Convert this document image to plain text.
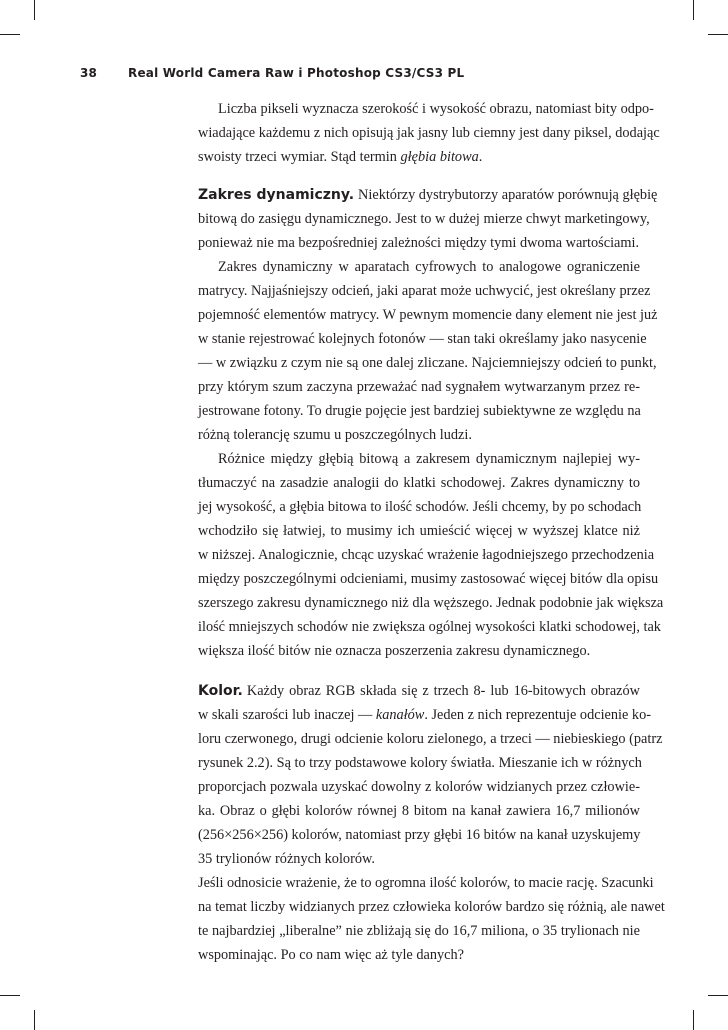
38	Real World Camera Raw i Photoshop CS3/CS3 PL
Liczba pikseli wyznacza szerokość i wysokość obrazu, natomiast bity odpo-
wiadające każdemu z nich opisują jak jasny lub ciemny jest dany piksel, dodając
swoisty trzeci wymiar. Stąd termin głębia bitowa.
Zakres dynamiczny. Niektórzy dystrybutorzy aparatów porównują głębię
bitową do zasięgu dynamicznego. Jest to w dużej mierze chwyt marketingowy,
ponieważ nie ma bezpośredniej zależności między tymi dwoma wartościami.
Zakres dynamiczny w aparatach cyfrowych to analogowe ograniczenie
matrycy. Najjaśniejszy odcień, jaki aparat może uchwycić, jest określany przez
pojemność elementów matrycy. W pewnym momencie dany element nie jest już
w stanie rejestrować kolejnych fotonów — stan taki określamy jako nasycenie
— w związku z czym nie są one dalej zliczane. Najciemniejszy odcień to punkt,
przy którym szum zaczyna przeważać nad sygnałem wytwarzanym przez re-
jestrowane fotony. To drugie pojęcie jest bardziej subiektywne ze względu na
różną tolerancję szumu u poszczególnych ludzi.
Różnice między głębią bitową a zakresem dynamicznym najlepiej wy-
tłumaczyć na zasadzie analogii do klatki schodowej. Zakres dynamiczny to
jej wysokość, a głębia bitowa to ilość schodów. Jeśli chcemy, by po schodach
wchodziło się łatwiej, to musimy ich umieścić więcej w wyższej klatce niż
w niższej. Analogicznie, chcąc uzyskać wrażenie łagodniejszego przechodzenia
między poszczególnymi odcieniami, musimy zastosować więcej bitów dla opisu
szerszego zakresu dynamicznego niż dla węższego. Jednak podobnie jak większa
ilość mniejszych schodów nie zwiększa ogólnej wysokości klatki schodowej, tak
większa ilość bitów nie oznacza poszerzenia zakresu dynamicznego.
Kolor. Każdy obraz RGB składa się z trzech 8- lub 16-bitowych obrazów
w skali szarości lub inaczej — kanałów. Jeden z nich reprezentuje odcienie ko-
loru czerwonego, drugi odcienie koloru zielonego, a trzeci — niebieskiego (patrz
rysunek 2.2). Są to trzy podstawowe kolory światła. Mieszanie ich w różnych
proporcjach pozwala uzyskać dowolny z kolorów widzianych przez człowie-
ka. Obraz o głębi kolorów równej 8 bitom na kanał zawiera 16,7 milionów
(256×256×256) kolorów, natomiast przy głębi 16 bitów na kanał uzyskujemy
35 trylionów różnych kolorów.
Jeśli odnosicie wrażenie, że to ogromna ilość kolorów, to macie rację. Szacunki
na temat liczby widzianych przez człowieka kolorów bardzo się różnią, ale nawet
te najbardziej „liberalne” nie zbliżają się do 16,7 miliona, o 35 trylionach nie
wspominając. Po co nam więc aż tyle danych?
